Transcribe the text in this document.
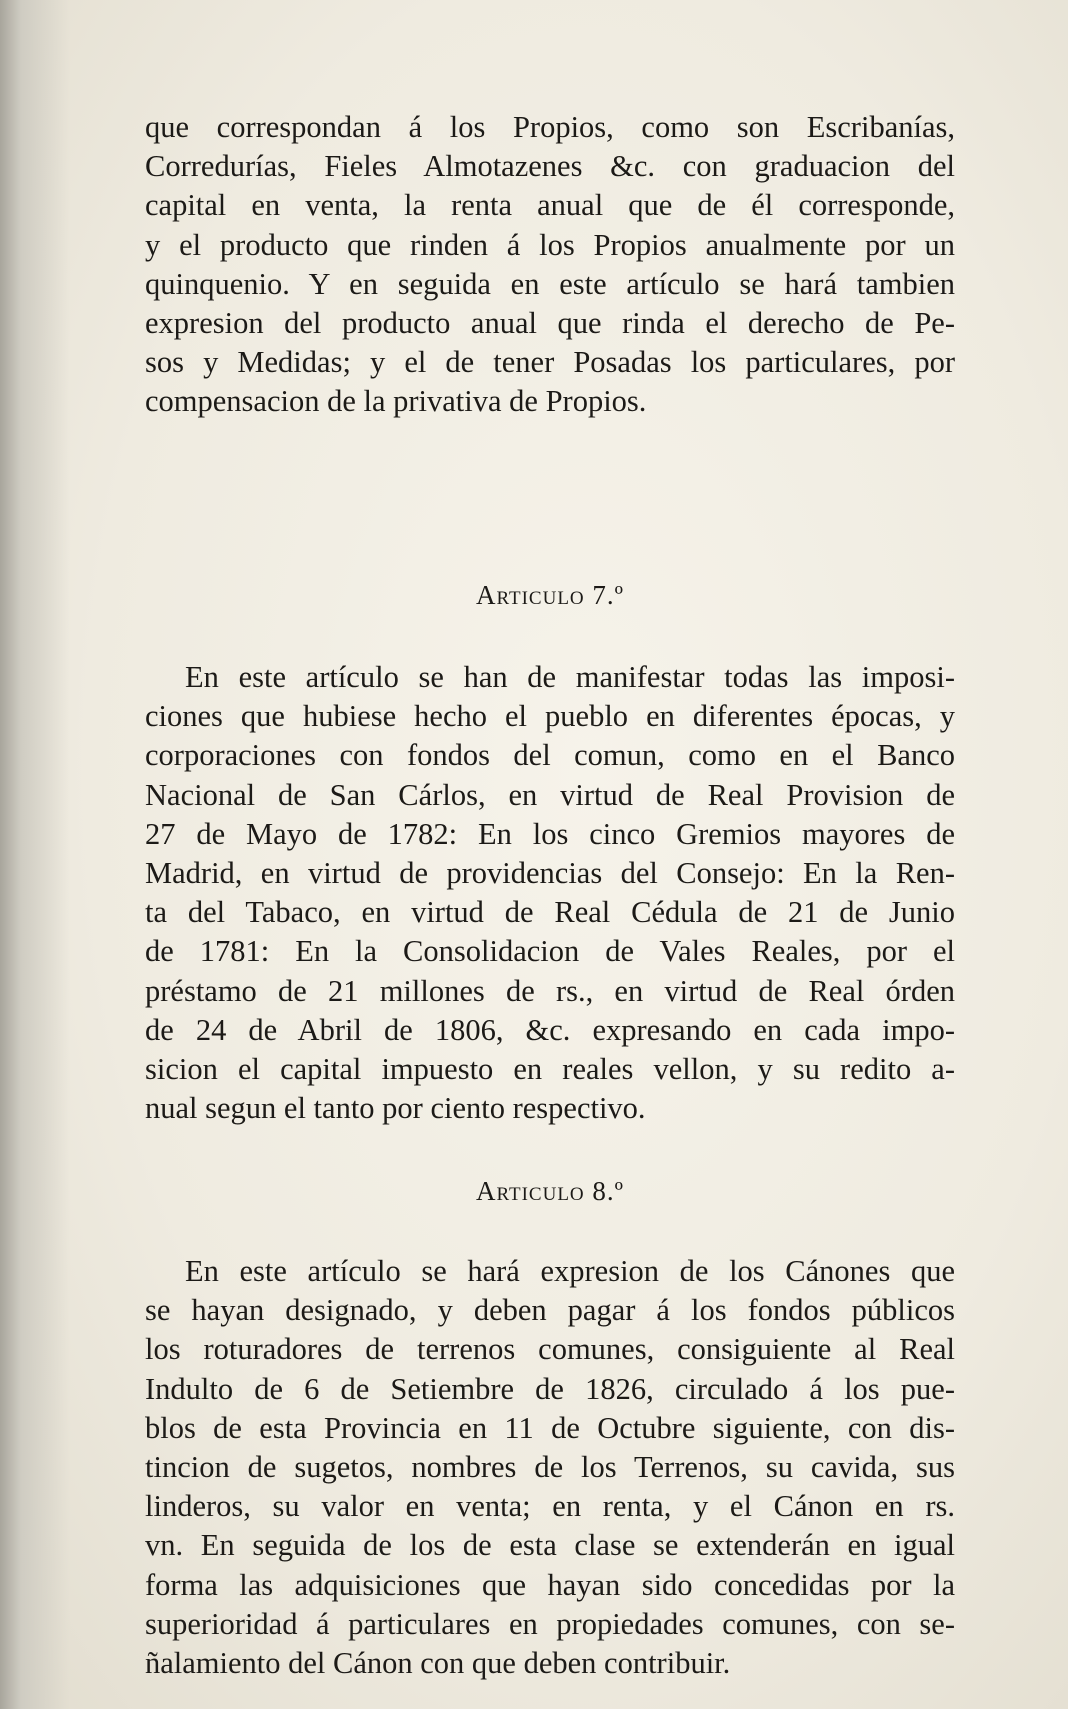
que correspondan á los Propios, como son Escribanías,
Corredurías, Fieles Almotazenes &c. con graduacion del
capital en venta, la renta anual que de él corresponde,
y el producto que rinden á los Propios anualmente por un
quinquenio. Y en seguida en este artículo se hará tambien
expresion del producto anual que rinda el derecho de Pe-
sos y Medidas; y el de tener Posadas los particulares, por
compensacion de la privativa de Propios.
Articulo 7.º
En este artículo se han de manifestar todas las imposi-
ciones que hubiese hecho el pueblo en diferentes épocas, y
corporaciones con fondos del comun, como en el Banco
Nacional de San Cárlos, en virtud de Real Provision de
27 de Mayo de 1782: En los cinco Gremios mayores de
Madrid, en virtud de providencias del Consejo: En la Ren-
ta del Tabaco, en virtud de Real Cédula de 21 de Junio
de 1781: En la Consolidacion de Vales Reales, por el
préstamo de 21 millones de rs., en virtud de Real órden
de 24 de Abril de 1806, &c. expresando en cada impo-
sicion el capital impuesto en reales vellon, y su redito a-
nual segun el tanto por ciento respectivo.
Articulo 8.º
En este artículo se hará expresion de los Cánones que
se hayan designado, y deben pagar á los fondos públicos
los roturadores de terrenos comunes, consiguiente al Real
Indulto de 6 de Setiembre de 1826, circulado á los pue-
blos de esta Provincia en 11 de Octubre siguiente, con dis-
tincion de sugetos, nombres de los Terrenos, su cavida, sus
linderos, su valor en venta; en renta, y el Cánon en rs.
vn. En seguida de los de esta clase se extenderán en igual
forma las adquisiciones que hayan sido concedidas por la
superioridad á particulares en propiedades comunes, con se-
ñalamiento del Cánon con que deben contribuir.
